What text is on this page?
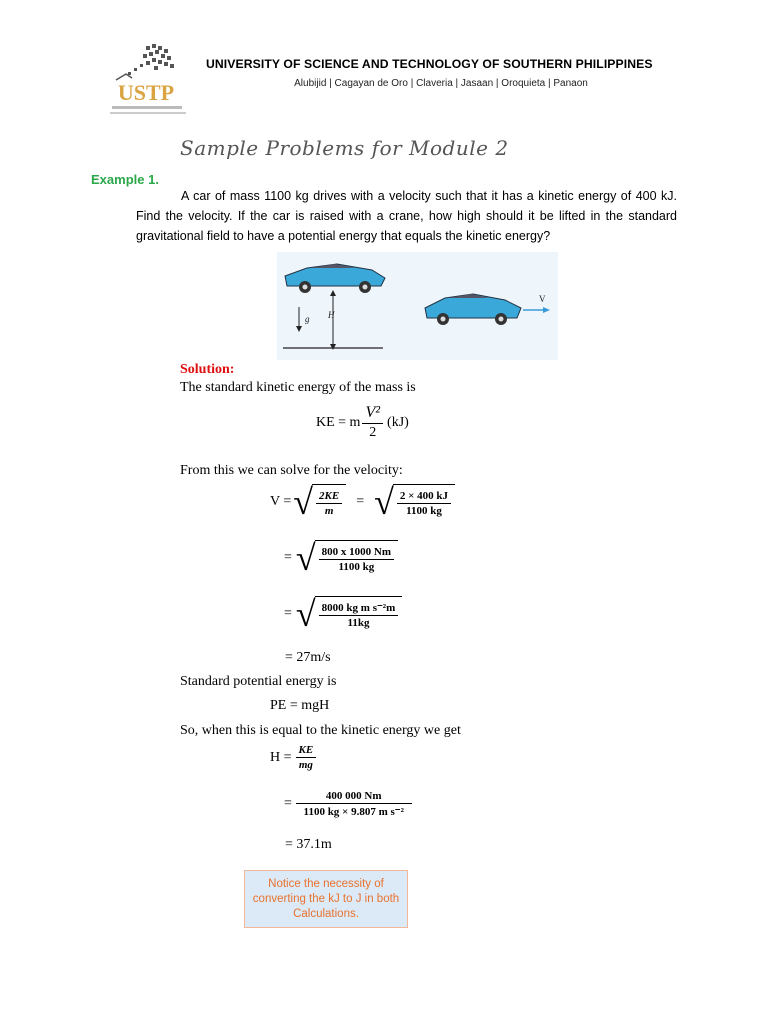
USTP
UNIVERSITY OF SCIENCE AND TECHNOLOGY OF SOUTHERN PHILIPPINES
Alubijid | Cagayan de Oro | Claveria | Jasaan | Oroquieta | Panaon
Sample Problems for Module 2
Example 1.
A car of mass 1100 kg drives with a velocity such that it has a kinetic energy of 400 kJ. Find the velocity. If the car is raised with a crane, how high should it be lifted in the standard gravitational field to have a potential energy that equals the kinetic energy?
g H
V
Solution:
The standard kinetic energy of the mass is
KE = m $\frac{\text{V²}}{2} (kJ)$
From this we can solve for the velocity:
V = √ $\frac{2KE}{m}$ = √ $\frac{2 \times 400 kJ}{1100 kg}$
= √ $\frac{800 x 1000 Nm}{1100 kg}$
= √ $\frac{\text{8000 kg m s⁻²m}}{11kg}$
= 27m/s
Standard potential energy is
PE = mgH
So, when this is equal to the kinetic energy we get
$H = \frac{KE}{mg}$
= $\frac{400 000 Nm}{\text{1100 kg × 9.807 m s⁻²}}$
= 37.1m
Notice the necessity of converting the kJ to J in both Calculations.
